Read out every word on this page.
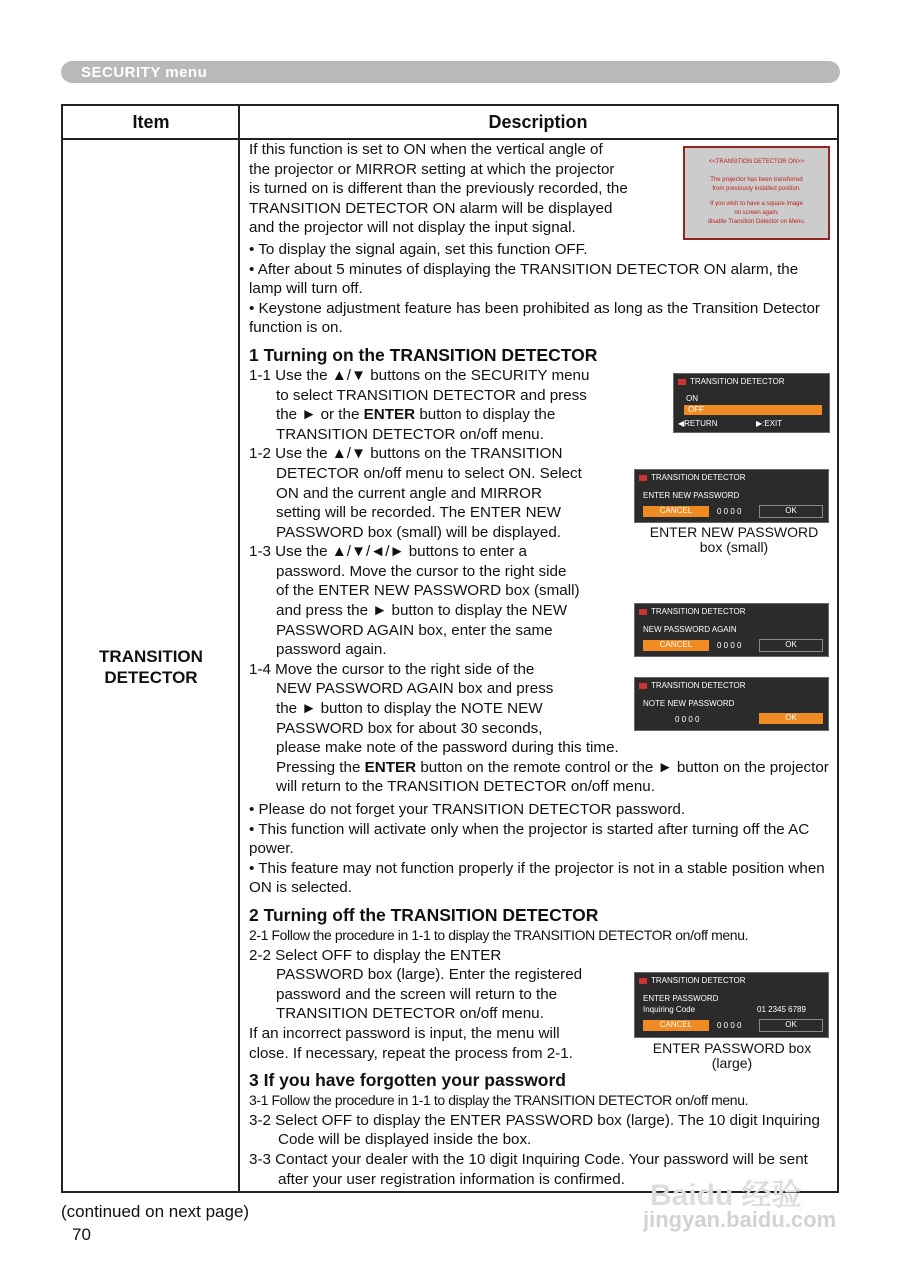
SECURITY menu
Item	Description
TRANSITION
DETECTOR

If this function is set to ON when the vertical angle of

the projector or MIRROR setting at which the projector

is turned on is different than the previously recorded, the

TRANSITION DETECTOR ON alarm will be displayed

and the projector will not display the input signal.

• To display the signal again, set this function OFF.

• After about 5 minutes of displaying the TRANSITION DETECTOR ON alarm, the lamp will turn off.

• Keystone adjustment feature has been prohibited as long as the Transition Detector function is on.

1 Turning on the TRANSITION DETECTOR

1-1 Use the ▲/▼ buttons on the SECURITY menu

to select TRANSITION DETECTOR and press

the ► or the ENTER button to display the

TRANSITION DETECTOR on/off menu.

1-2 Use the ▲/▼ buttons on the TRANSITION

DETECTOR on/off menu to select ON. Select

ON and the current angle and MIRROR

setting will be recorded. The ENTER NEW

PASSWORD box (small) will be displayed.

1-3 Use the ▲/▼/◄/► buttons to enter a

password. Move the cursor to the right side

of the ENTER NEW PASSWORD box (small)

and press the ► button to display the NEW

PASSWORD AGAIN box, enter the same

password again.

1-4 Move the cursor to the right side of the

NEW PASSWORD AGAIN box and press

the ► button to display the NOTE NEW

PASSWORD box for about 30 seconds,

please make note of the password during this time.

Pressing the ENTER button on the remote control or the ► button on the projector will return to the TRANSITION DETECTOR on/off menu.

• Please do not forget your TRANSITION DETECTOR password.

• This function will activate only when the projector is started after turning off the AC power.

• This feature may not function properly if the projector is not in a stable position when ON is selected.

2 Turning off the TRANSITION DETECTOR

2-1 Follow the procedure in 1-1 to display the TRANSITION DETECTOR on/off menu.

2-2 Select OFF to display the ENTER

PASSWORD box (large). Enter the registered

password and the screen will return to the

TRANSITION DETECTOR on/off menu.

If an incorrect password is input, the menu will

close. If necessary, repeat the process from 2-1.

3 If you have forgotten your password

3-1 Follow the procedure in 1-1 to display the TRANSITION DETECTOR on/off menu.

3-2 Select OFF to display the ENTER PASSWORD box (large). The 10 digit Inquiring Code will be displayed inside the box.

3-3 Contact your dealer with the 10 digit Inquiring Code. Your password will be sent after your user registration information is confirmed.

<<TRANSITION DETECTOR ON>>
The projector has been transferred
from previously installed position.
If you wish to have a square image
on screen again,
disable Transition Detector on Menu.
TRANSITION DETECTOR
ON
OFF
◀RETURN	▶:EXIT
TRANSITION DETECTOR
ENTER NEW PASSWORD
CANCEL	0 0 0 0	OK
ENTER NEW PASSWORD
box (small)
TRANSITION DETECTOR
NEW PASSWORD AGAIN
CANCEL	0 0 0 0	OK
TRANSITION DETECTOR
NOTE NEW PASSWORD
0 0 0 0	OK
TRANSITION DETECTOR
ENTER PASSWORD
Inquiring Code	01 2345 6789
CANCEL	0 0 0 0	OK
ENTER PASSWORD box
(large)
(continued on next page)
70
Baidu 经验
jingyan.baidu.com
